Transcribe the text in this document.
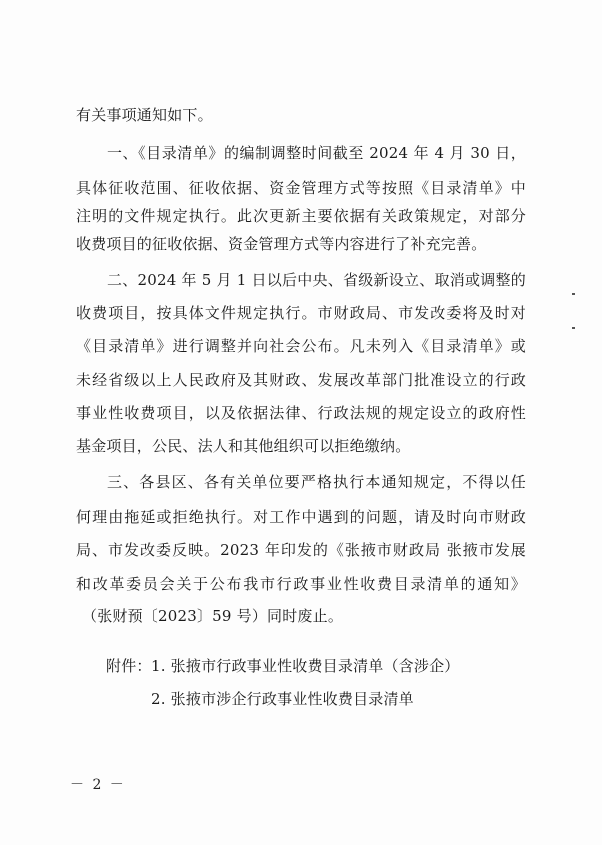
有关事项通知如下。
一、《目录清单》的编制调整时间截至 2024 年 4 月 30 日，
具体征收范围、征收依据、资金管理方式等按照《目录清单》中
注明的文件规定执行。此次更新主要依据有关政策规定，对部分
收费项目的征收依据、资金管理方式等内容进行了补充完善。
二、2024 年 5 月 1 日以后中央、省级新设立、取消或调整的
收费项目，按具体文件规定执行。市财政局、市发改委将及时对
《目录清单》进行调整并向社会公布。凡未列入《目录清单》或
未经省级以上人民政府及其财政、发展改革部门批准设立的行政
事业性收费项目，以及依据法律、行政法规的规定设立的政府性
基金项目，公民、法人和其他组织可以拒绝缴纳。
三、各县区、各有关单位要严格执行本通知规定，不得以任
何理由拖延或拒绝执行。对工作中遇到的问题，请及时向市财政
局、市发改委反映。2023 年印发的《张掖市财政局 张掖市发展
和改革委员会关于公布我市行政事业性收费目录清单的通知》
（张财预〔2023〕59 号）同时废止。
附件： 1. 张掖市行政事业性收费目录清单（含涉企）
2. 张掖市涉企行政事业性收费目录清单
－ 2 －
